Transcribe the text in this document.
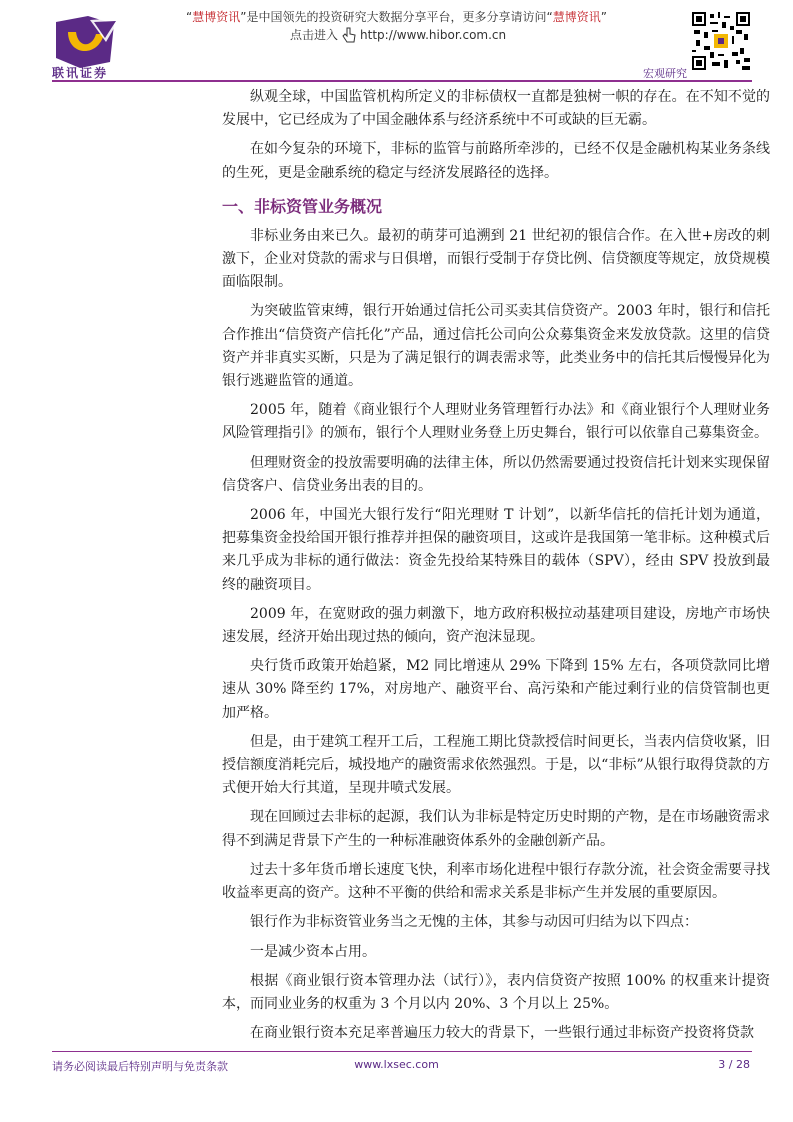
联讯证券
“慧博资讯”是中国领先的投资研究大数据分享平台，更多分享请访问“慧博资讯”
点击进入 http://www.hibor.com.cn
宏观研究

纵观全球，中国监管机构所定义的非标债权一直都是独树一帜的存在。在不知不觉的发展中，它已经成为了中国金融体系与经济系统中不可或缺的巨无霸。

在如今复杂的环境下，非标的监管与前路所牵涉的，已经不仅是金融机构某业务条线的生死，更是金融系统的稳定与经济发展路径的选择。

一、非标资管业务概况

非标业务由来已久。最初的萌芽可追溯到 21 世纪初的银信合作。在入世+房改的刺激下，企业对贷款的需求与日俱增，而银行受制于存贷比例、信贷额度等规定，放贷规模面临限制。

为突破监管束缚，银行开始通过信托公司买卖其信贷资产。2003 年时，银行和信托合作推出“信贷资产信托化”产品，通过信托公司向公众募集资金来发放贷款。这里的信贷资产并非真实买断，只是为了满足银行的调表需求等，此类业务中的信托其后慢慢异化为银行逃避监管的通道。

2005 年，随着《商业银行个人理财业务管理暂行办法》和《商业银行个人理财业务风险管理指引》的颁布，银行个人理财业务登上历史舞台，银行可以依靠自己募集资金。

但理财资金的投放需要明确的法律主体，所以仍然需要通过投资信托计划来实现保留信贷客户、信贷业务出表的目的。

2006 年，中国光大银行发行“阳光理财 T 计划”，以新华信托的信托计划为通道，把募集资金投给国开银行推荐并担保的融资项目，这或许是我国第一笔非标。这种模式后来几乎成为非标的通行做法：资金先投给某特殊目的载体（SPV），经由 SPV 投放到最终的融资项目。

2009 年，在宽财政的强力刺激下，地方政府积极拉动基建项目建设，房地产市场快速发展，经济开始出现过热的倾向，资产泡沫显现。

央行货币政策开始趋紧，M2 同比增速从 29% 下降到 15% 左右，各项贷款同比增速从 30% 降至约 17%，对房地产、融资平台、高污染和产能过剩行业的信贷管制也更加严格。

但是，由于建筑工程开工后，工程施工期比贷款授信时间更长，当表内信贷收紧，旧授信额度消耗完后，城投地产的融资需求依然强烈。于是，以“非标”从银行取得贷款的方式便开始大行其道，呈现井喷式发展。

现在回顾过去非标的起源，我们认为非标是特定历史时期的产物，是在市场融资需求得不到满足背景下产生的一种标准融资体系外的金融创新产品。

过去十多年货币增长速度飞快，利率市场化进程中银行存款分流，社会资金需要寻找收益率更高的资产。这种不平衡的供给和需求关系是非标产生并发展的重要原因。

银行作为非标资管业务当之无愧的主体，其参与动因可归结为以下四点：

一是减少资本占用。

根据《商业银行资本管理办法（试行）》，表内信贷资产按照 100% 的权重来计提资本，而同业业务的权重为 3 个月以内 20%、3 个月以上 25%。

在商业银行资本充足率普遍压力较大的背景下，一些银行通过非标资产投资将贷款

请务必阅读最后特别声明与免责条款	www.lxsec.com	3 / 28
